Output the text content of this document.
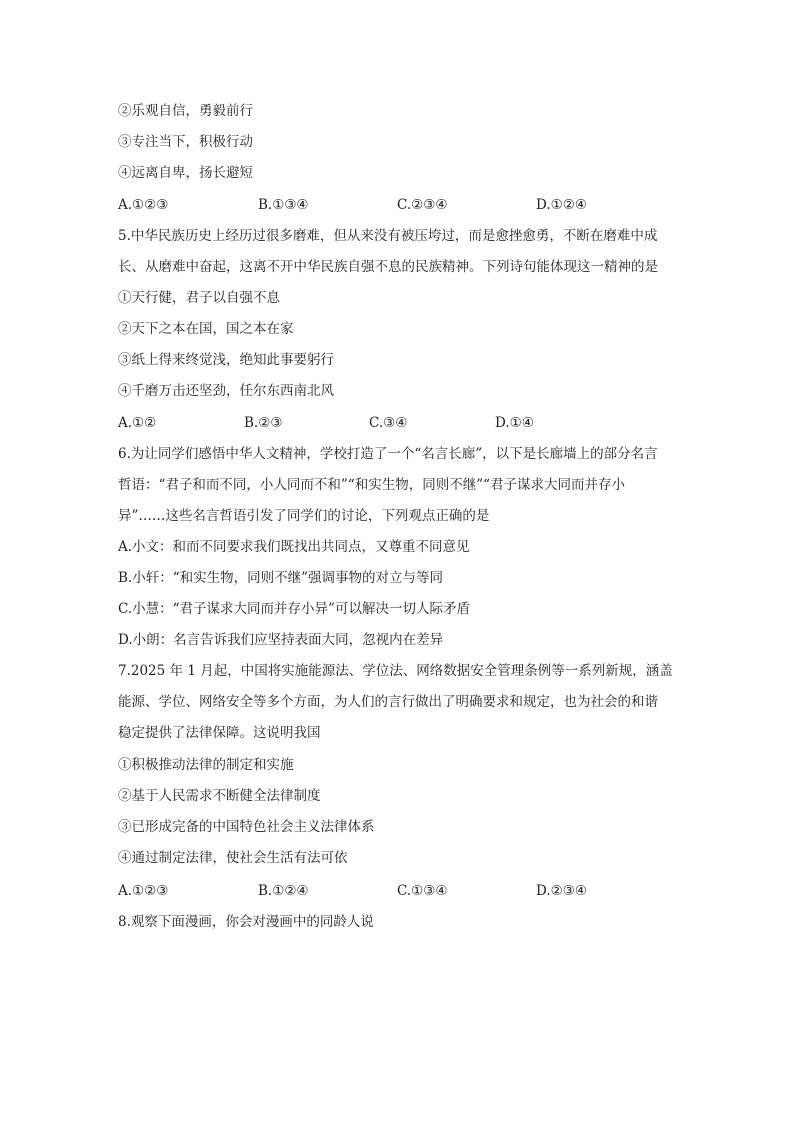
②乐观自信，勇毅前行
③专注当下，积极行动
④远离自卑，扬长避短
A.①②③	B.①③④	C.②③④	D.①②④
5.中华民族历史上经历过很多磨难，但从来没有被压垮过，而是愈挫愈勇，不断在磨难中成
长、从磨难中奋起，这离不开中华民族自强不息的民族精神。下列诗句能体现这一精神的是
①天行健，君子以自强不息
②天下之本在国，国之本在家
③纸上得来终觉浅，绝知此事要躬行
④千磨万击还坚劲，任尔东西南北风
A.①②	B.②③	C.③④	D.①④
6.为让同学们感悟中华人文精神，学校打造了一个“名言长廊”，以下是长廊墙上的部分名言
哲语：“君子和而不同，小人同而不和”“和实生物，同则不继”“君子谋求大同而并存小
异”……这些名言哲语引发了同学们的讨论，下列观点正确的是
A.小文：和而不同要求我们既找出共同点，又尊重不同意见
B.小轩：“和实生物，同则不继”强调事物的对立与等同
C.小慧：“君子谋求大同而并存小异”可以解决一切人际矛盾
D.小朗：名言告诉我们应坚持表面大同，忽视内在差异
7.2025 年 1 月起，中国将实施能源法、学位法、网络数据安全管理条例等一系列新规，涵盖
能源、学位、网络安全等多个方面，为人们的言行做出了明确要求和规定，也为社会的和谐
稳定提供了法律保障。这说明我国
①积极推动法律的制定和实施
②基于人民需求不断健全法律制度
③已形成完备的中国特色社会主义法律体系
④通过制定法律，使社会生活有法可依
A.①②③	B.①②④	C.①③④	D.②③④
8.观察下面漫画，你会对漫画中的同龄人说
